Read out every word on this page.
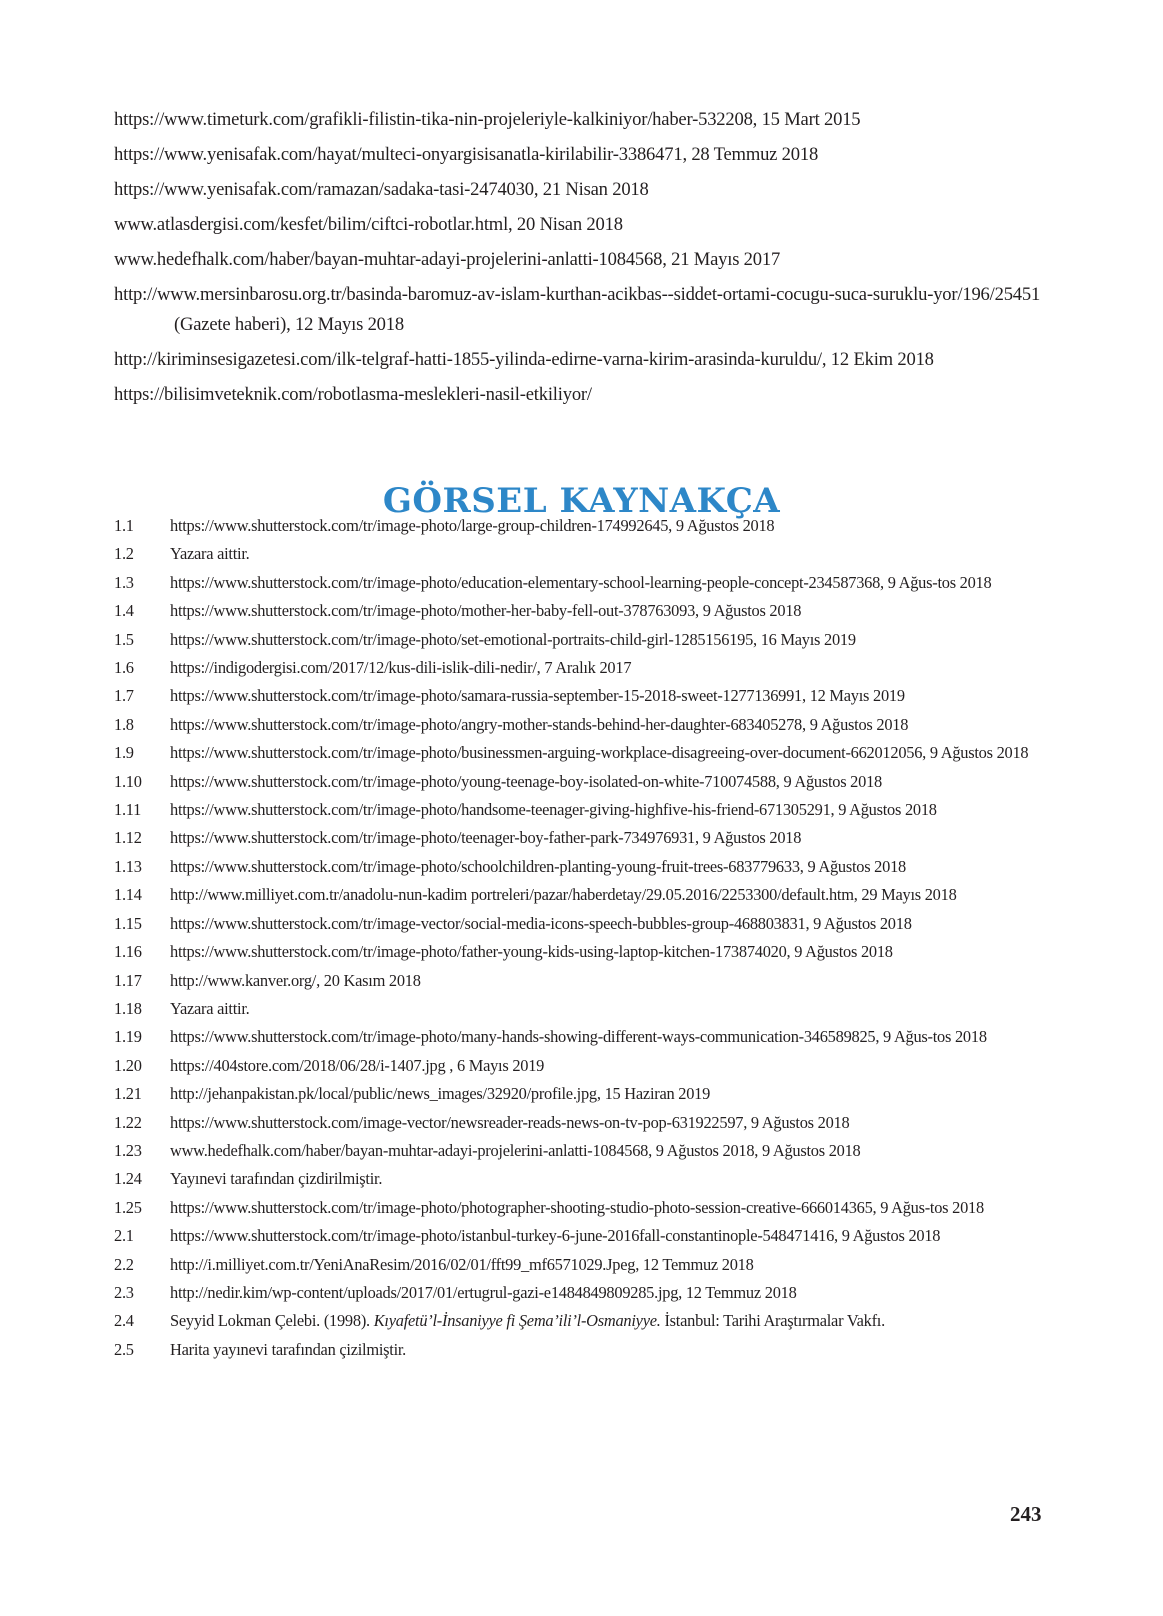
https://www.timeturk.com/grafikli-filistin-tika-nin-projeleriyle-kalkiniyor/haber-532208, 15 Mart 2015
https://www.yenisafak.com/hayat/multeci-onyargisisanatla-kirilabilir-3386471, 28 Temmuz 2018
https://www.yenisafak.com/ramazan/sadaka-tasi-2474030, 21 Nisan 2018
www.atlasdergisi.com/kesfet/bilim/ciftci-robotlar.html, 20 Nisan 2018
www.hedefhalk.com/haber/bayan-muhtar-adayi-projelerini-anlatti-1084568, 21 Mayıs 2017
http://www.mersinbarosu.org.tr/basinda-baromuz-av-islam-kurthan-acikbas--siddet-ortami-cocugu-suca-suruklu-yor/196/25451 (Gazete haberi), 12 Mayıs 2018
http://kiriminsesigazetesi.com/ilk-telgraf-hatti-1855-yilinda-edirne-varna-kirim-arasinda-kuruldu/, 12 Ekim 2018
https://bilisimveteknik.com/robotlasma-meslekleri-nasil-etkiliyor/
GÖRSEL KAYNAKÇA
1.1	https://www.shutterstock.com/tr/image-photo/large-group-children-174992645, 9 Ağustos 2018
1.2	Yazara aittir.
1.3	https://www.shutterstock.com/tr/image-photo/education-elementary-school-learning-people-concept-234587368, 9 Ağus-tos 2018
1.4	https://www.shutterstock.com/tr/image-photo/mother-her-baby-fell-out-378763093, 9 Ağustos 2018
1.5	https://www.shutterstock.com/tr/image-photo/set-emotional-portraits-child-girl-1285156195, 16 Mayıs 2019
1.6	https://indigodergisi.com/2017/12/kus-dili-islik-dili-nedir/, 7 Aralık 2017
1.7	https://www.shutterstock.com/tr/image-photo/samara-russia-september-15-2018-sweet-1277136991, 12 Mayıs 2019
1.8	https://www.shutterstock.com/tr/image-photo/angry-mother-stands-behind-her-daughter-683405278, 9 Ağustos 2018
1.9	https://www.shutterstock.com/tr/image-photo/businessmen-arguing-workplace-disagreeing-over-document-662012056, 9 Ağustos 2018
1.10	https://www.shutterstock.com/tr/image-photo/young-teenage-boy-isolated-on-white-710074588, 9 Ağustos 2018
1.11	https://www.shutterstock.com/tr/image-photo/handsome-teenager-giving-highfive-his-friend-671305291, 9 Ağustos 2018
1.12	https://www.shutterstock.com/tr/image-photo/teenager-boy-father-park-734976931, 9 Ağustos 2018
1.13	https://www.shutterstock.com/tr/image-photo/schoolchildren-planting-young-fruit-trees-683779633, 9 Ağustos 2018
1.14	http://www.milliyet.com.tr/anadolu-nun-kadim portreleri/pazar/haberdetay/29.05.2016/2253300/default.htm, 29 Mayıs 2018
1.15	https://www.shutterstock.com/tr/image-vector/social-media-icons-speech-bubbles-group-468803831, 9 Ağustos 2018
1.16	https://www.shutterstock.com/tr/image-photo/father-young-kids-using-laptop-kitchen-173874020, 9 Ağustos 2018
1.17	http://www.kanver.org/, 20 Kasım 2018
1.18	Yazara aittir.
1.19	https://www.shutterstock.com/tr/image-photo/many-hands-showing-different-ways-communication-346589825, 9 Ağus-tos 2018
1.20	https://404store.com/2018/06/28/i-1407.jpg , 6 Mayıs 2019
1.21	http://jehanpakistan.pk/local/public/news_images/32920/profile.jpg, 15 Haziran 2019
1.22	https://www.shutterstock.com/image-vector/newsreader-reads-news-on-tv-pop-631922597, 9 Ağustos 2018
1.23	www.hedefhalk.com/haber/bayan-muhtar-adayi-projelerini-anlatti-1084568, 9 Ağustos 2018, 9 Ağustos 2018
1.24	Yayınevi tarafından çizdirilmiştir.
1.25	https://www.shutterstock.com/tr/image-photo/photographer-shooting-studio-photo-session-creative-666014365, 9 Ağus-tos 2018
2.1	https://www.shutterstock.com/tr/image-photo/istanbul-turkey-6-june-2016fall-constantinople-548471416, 9 Ağustos 2018
2.2	http://i.milliyet.com.tr/YeniAnaResim/2016/02/01/fft99_mf6571029.Jpeg, 12 Temmuz 2018
2.3	http://nedir.kim/wp-content/uploads/2017/01/ertugrul-gazi-e1484849809285.jpg, 12 Temmuz 2018
2.4	Seyyid Lokman Çelebi. (1998). Kıyafetü’l-İnsaniyye fi Şema’ili’l-Osmaniyye. İstanbul: Tarihi Araştırmalar Vakfı.
2.5	Harita yayınevi tarafından çizilmiştir.
243
